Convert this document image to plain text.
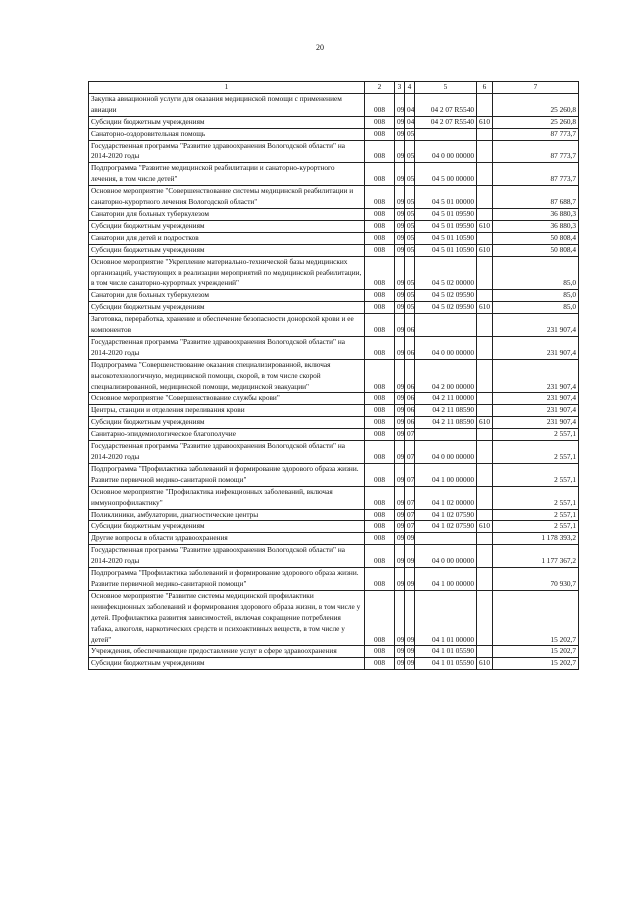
20
1	2	3	4	5	6	7
Закупка авиационной услуги для оказания медицинской помощи с применением авиации	008	09	04	04 2 07 R5540		25 260,8
Субсидии бюджетным учреждениям	008	09	04	04 2 07 R5540	610	25 260,8
Санаторно-оздоровительная помощь	008	09	05			87 773,7
Государственная программа "Развитие здравоохранения Вологодской области" на 2014-2020 годы	008	09	05	04 0 00 00000		87 773,7
Подпрограмма "Развитие медицинской реабилитации и санаторно-курортного лечения, в том числе детей"	008	09	05	04 5 00 00000		87 773,7
Основное мероприятие "Совершенствование системы медицинской реабилитации и санаторно-курортного лечения Вологодской области"	008	09	05	04 5 01 00000		87 688,7
Санатории для больных туберкулезом	008	09	05	04 5 01 09590		36 880,3
Субсидии бюджетным учреждениям	008	09	05	04 5 01 09590	610	36 880,3
Санатории для детей и подростков	008	09	05	04 5 01 10590		50 808,4
Субсидии бюджетным учреждениям	008	09	05	04 5 01 10590	610	50 808,4
Основное мероприятие "Укрепление материально-технической базы медицинских организаций, участвующих в реализации мероприятий по медицинской реабилитации, в том числе санаторно-курортных учреждений"	008	09	05	04 5 02 00000		85,0
Санатории для больных туберкулезом	008	09	05	04 5 02 09590		85,0
Субсидии бюджетным учреждениям	008	09	05	04 5 02 09590	610	85,0
Заготовка, переработка, хранение и обеспечение безопасности донорской крови и ее компонентов	008	09	06			231 907,4
Государственная программа "Развитие здравоохранения Вологодской области" на 2014-2020 годы	008	09	06	04 0 00 00000		231 907,4
Подпрограмма "Совершенствование оказания специализированной, включая высокотехнологичную, медицинской помощи, скорой, в том числе скорой специализированной, медицинской помощи, медицинской эвакуации"	008	09	06	04 2 00 00000		231 907,4
Основное мероприятие "Совершенствование службы крови"	008	09	06	04 2 11 00000		231 907,4
Центры, станции и отделения переливания крови	008	09	06	04 2 11 08590		231 907,4
Субсидии бюджетным учреждениям	008	09	06	04 2 11 08590	610	231 907,4
Санитарно-эпидемиологическое благополучие	008	09	07			2 557,1
Государственная программа "Развитие здравоохранения Вологодской области" на 2014-2020 годы	008	09	07	04 0 00 00000		2 557,1
Подпрограмма "Профилактика заболеваний и формирование здорового образа жизни. Развитие первичной медико-санитарной помощи"	008	09	07	04 1 00 00000		2 557,1
Основное мероприятие "Профилактика инфекционных заболеваний, включая иммунопрофилактику"	008	09	07	04 1 02 00000		2 557,1
Поликлиники, амбулатории, диагностические центры	008	09	07	04 1 02 07590		2 557,1
Субсидии бюджетным учреждениям	008	09	07	04 1 02 07590	610	2 557,1
Другие вопросы в области здравоохранения	008	09	09			1 178 393,2
Государственная программа "Развитие здравоохранения Вологодской области" на 2014-2020 годы	008	09	09	04 0 00 00000		1 177 367,2
Подпрограмма "Профилактика заболеваний и формирование здорового образа жизни. Развитие первичной медико-санитарной помощи"	008	09	09	04 1 00 00000		70 930,7
Основное мероприятие "Развитие системы медицинской профилактики неинфекционных заболеваний и формирования здорового образа жизни, в том числе у детей. Профилактика развития зависимостей, включая сокращение потребления табака, алкоголя, наркотических средств и психоактивных веществ, в том числе у детей"	008	09	09	04 1 01 00000		15 202,7
Учреждения, обеспечивающие предоставление услуг в сфере здравоохранения	008	09	09	04 1 01 05590		15 202,7
Субсидии бюджетным учреждениям	008	09	09	04 1 01 05590	610	15 202,7
